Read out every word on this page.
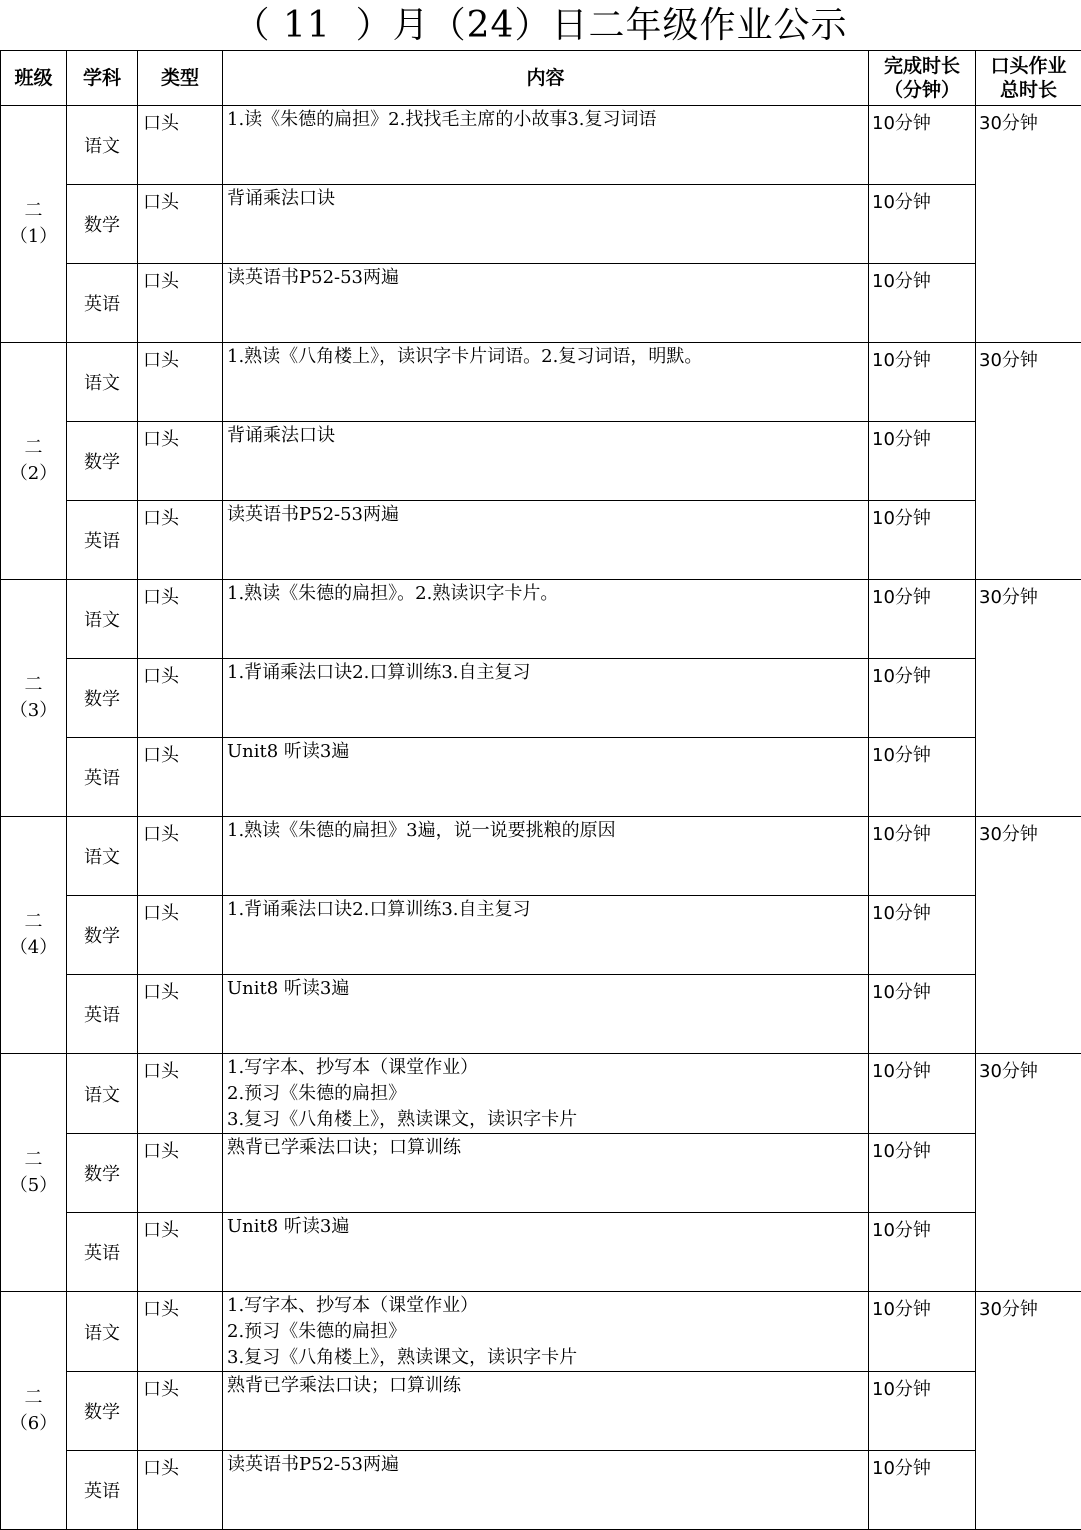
（ 11  ）月（24）日二年级作业公示
班级	学科	类型	内容	完成时长
（分钟）	口头作业
总时长

二
（1）	语文	口头	1.读《朱德的扁担》2.找找毛主席的小故事3.复习词语	10分钟	30分钟
	数学	口头	背诵乘法口诀	10分钟	
	英语	口头	读英语书P52-53两遍	10分钟	

二
（2）	语文	口头	1.熟读《八角楼上》，读识字卡片词语。2.复习词语，明默。	10分钟	30分钟
	数学	口头	背诵乘法口诀	10分钟	
	英语	口头	读英语书P52-53两遍	10分钟	

二
（3）	语文	口头	1.熟读《朱德的扁担》。2.熟读识字卡片。	10分钟	30分钟
	数学	口头	1.背诵乘法口诀2.口算训练3.自主复习	10分钟	
	英语	口头	Unit8 听读3遍	10分钟	

二
（4）	语文	口头	1.熟读《朱德的扁担》3遍，说一说要挑粮的原因	10分钟	30分钟
	数学	口头	1.背诵乘法口诀2.口算训练3.自主复习	10分钟	
	英语	口头	Unit8 听读3遍	10分钟	

二
（5）	语文	口头	1.写字本、抄写本（课堂作业）
2.预习《朱德的扁担》
3.复习《八角楼上》，熟读课文，读识字卡片	10分钟	30分钟
	数学	口头	熟背已学乘法口诀；口算训练	10分钟	
	英语	口头	Unit8 听读3遍	10分钟	

二
（6）	语文	口头	1.写字本、抄写本（课堂作业）
2.预习《朱德的扁担》
3.复习《八角楼上》，熟读课文，读识字卡片	10分钟	30分钟
	数学	口头	熟背已学乘法口诀；口算训练	10分钟	
	英语	口头	读英语书P52-53两遍	10分钟	
